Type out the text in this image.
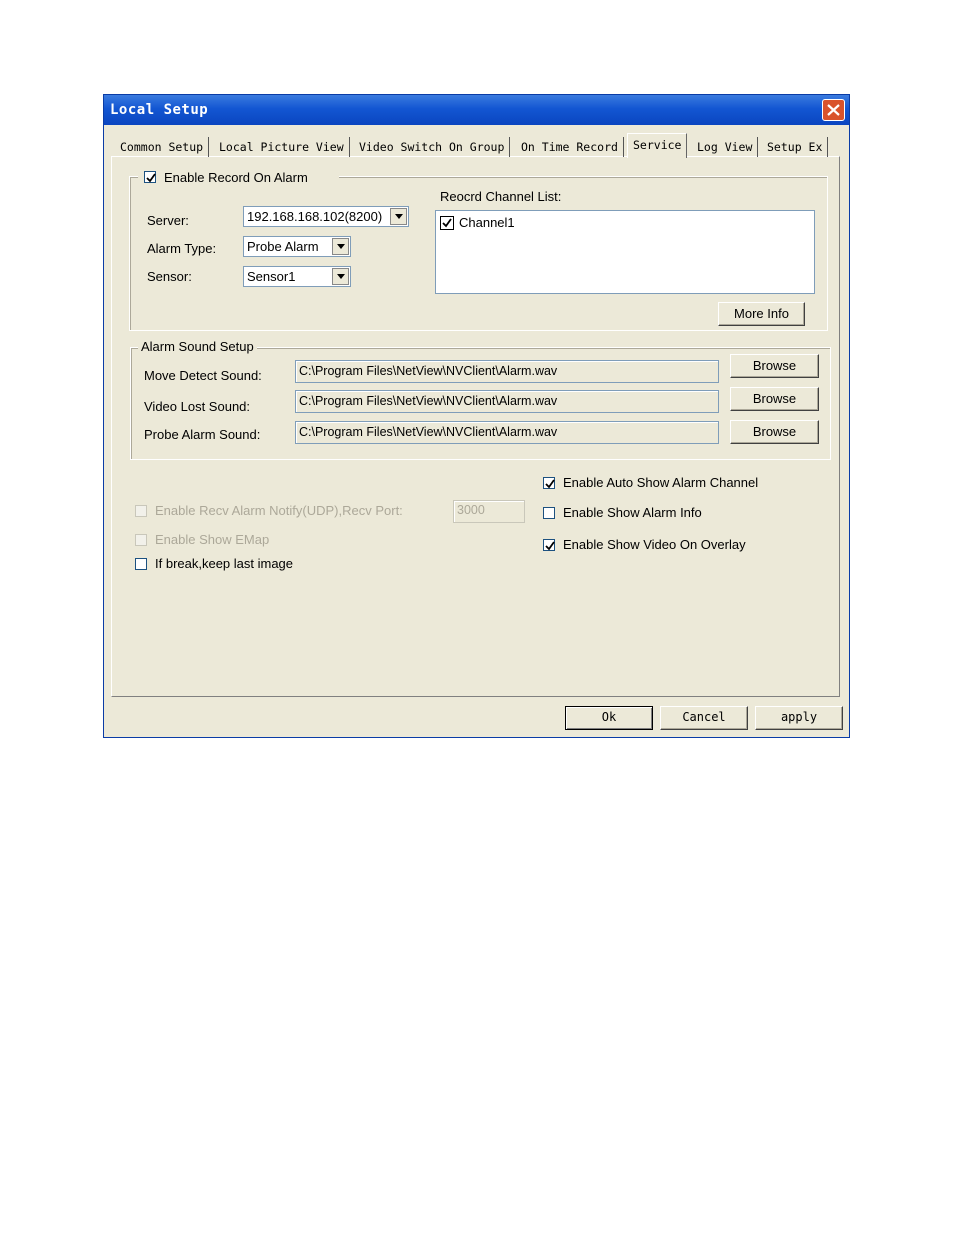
Local Setup
Common Setup	Local Picture View	Video Switch On Group	On Time Record	Service	Log View	Setup Ex
Enable Record On Alarm
Server:	192.168.168.102(8200)
Alarm Type: Probe Alarm
Sensor:	Sensor1
Reocrd Channel List:
Channel1
More Info
Alarm Sound Setup
Move Detect Sound:	C:\Program Files\NetView\NVClient\Alarm.wav	Browse
Video Lost Sound:	C:\Program Files\NetView\NVClient\Alarm.wav	Browse
Probe Alarm Sound:	C:\Program Files\NetView\NVClient\Alarm.wav	Browse
Enable Recv Alarm Notify(UDP),Recv Port:	3000
Enable Show EMap
If break,keep last image
Enable Auto Show Alarm Channel
Enable Show Alarm Info
Enable Show Video On Overlay
Ok	Cancel	apply
